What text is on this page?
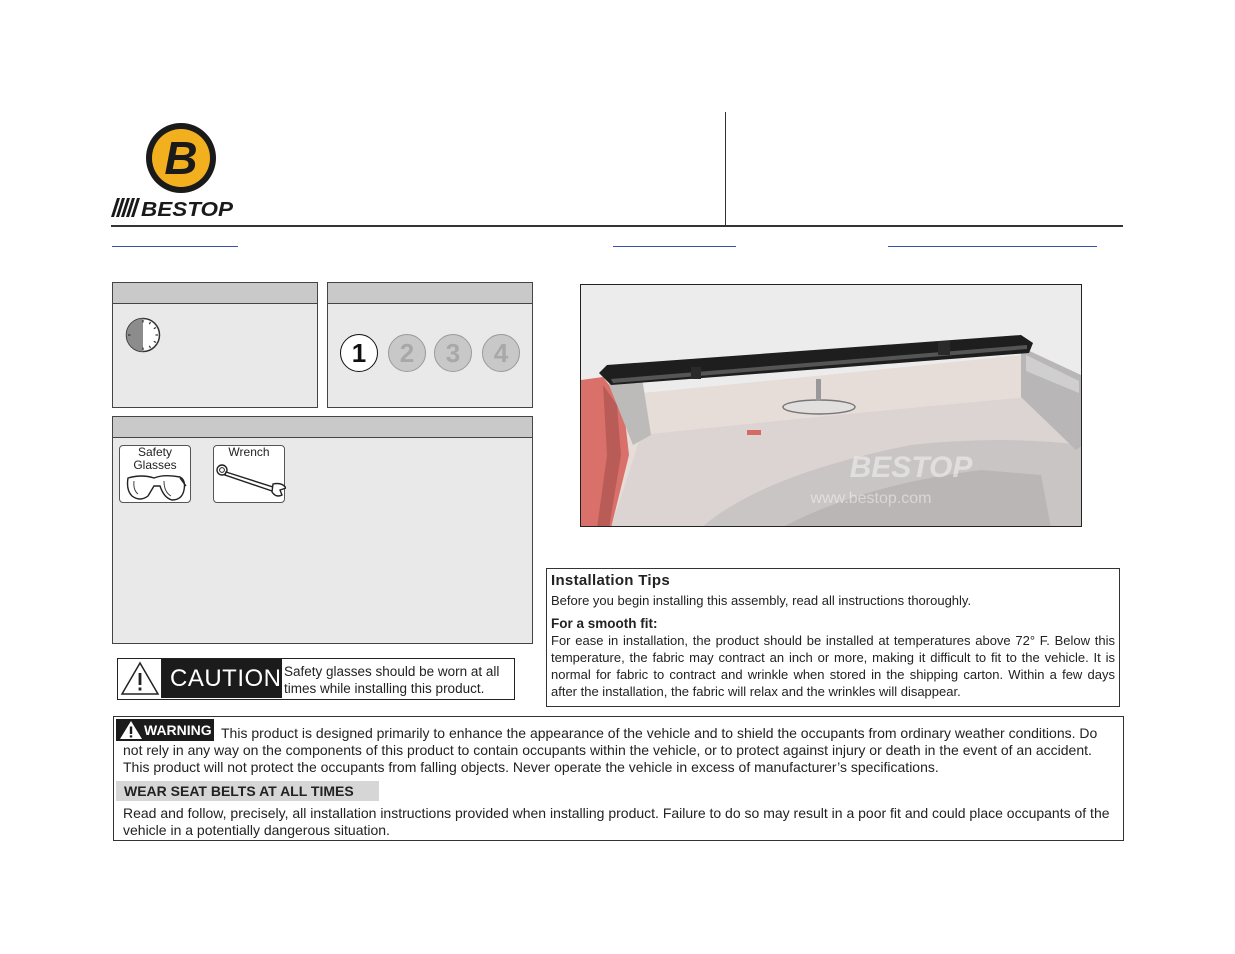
B
BESTOP
1	2	3	4
Safety Glasses
Wrench
CAUTION Safety glasses should be worn at all times while installing this product.
BESTOP
www.bestop.com
Installation Tips
Before you begin installing this assembly, read all instructions thoroughly.
For a smooth fit:
For ease in installation, the product should be installed at temperatures above 72° F. Below this temperature, the fabric may contract an inch or more, making it difficult to fit to the vehicle. It is normal for fabric to contract and wrinkle when stored in the shipping carton. Within a few days after the installation, the fabric will relax and the wrinkles will disappear.
This product is designed primarily to enhance the appearance of the vehicle and to shield the occupants from ordinary weather conditions. Do not rely in any way on the components of this product to contain occupants within the vehicle, or to protect against injury or death in the event of an accident. This product will not protect the occupants from falling objects. Never operate the vehicle in excess of manufacturer’s specifications.
WARNING
WEAR SEAT BELTS AT ALL TIMES
Read and follow, precisely, all installation instructions provided when installing product. Failure to do so may result in a poor fit and could place occupants of the vehicle in a potentially dangerous situation.
